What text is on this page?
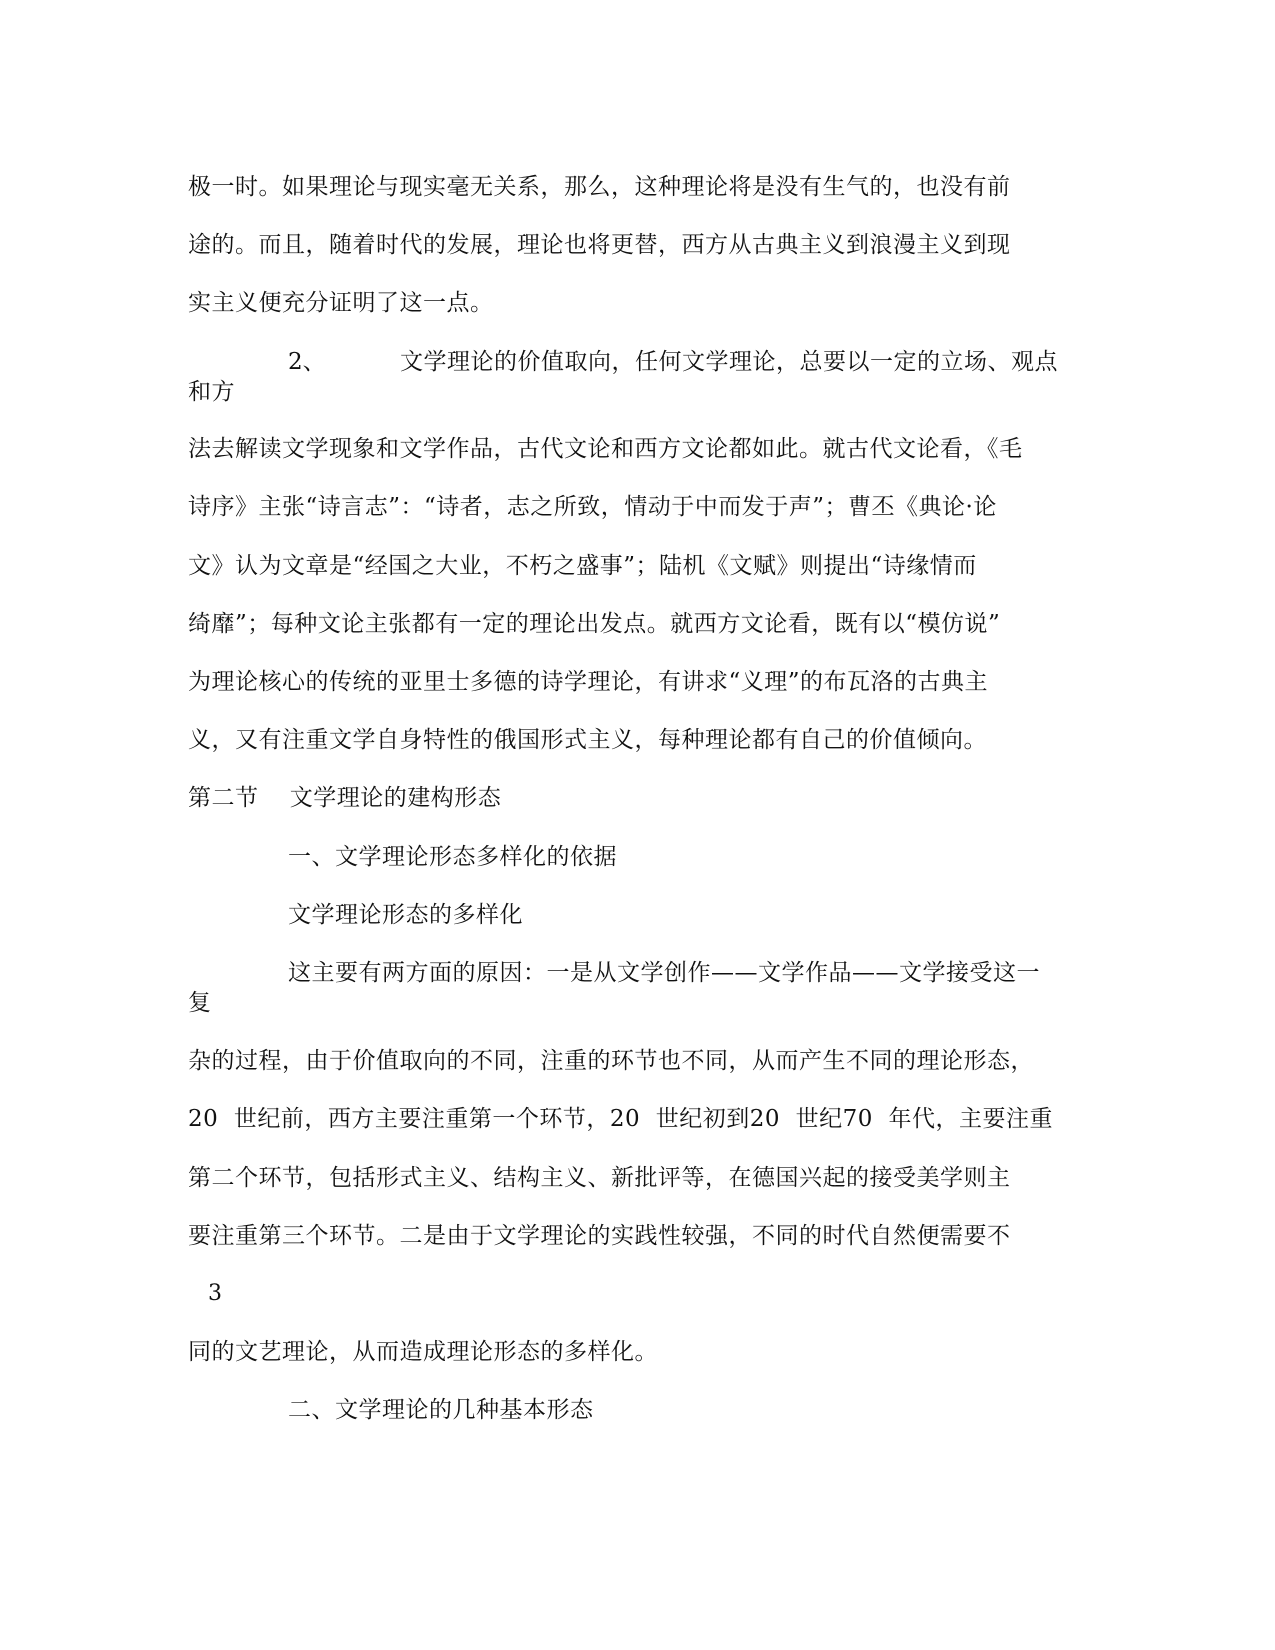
极一时。如果理论与现实毫无关系，那么，这种理论将是没有生气的，也没有前
途的。而且，随着时代的发展，理论也将更替，西方从古典主义到浪漫主义到现
实主义便充分证明了这一点。
2、	文学理论的价值取向，任何文学理论，总要以一定的立场、观点
和方
法去解读文学现象和文学作品，古代文论和西方文论都如此。就古代文论看，《毛
诗序》主张“诗言志”：“诗者，志之所致，情动于中而发于声”；曹丕《典论·论
文》认为文章是“经国之大业，不朽之盛事”；陆机《文赋》则提出“诗缘情而
绮靡”；每种文论主张都有一定的理论出发点。就西方文论看，既有以“模仿说”
为理论核心的传统的亚里士多德的诗学理论，有讲求“义理”的布瓦洛的古典主
义，又有注重文学自身特性的俄国形式主义，每种理论都有自己的价值倾向。
第二节    文学理论的建构形态
一、文学理论形态多样化的依据
文学理论形态的多样化
这主要有两方面的原因：一是从文学创作——文学作品——文学接受这一
复
杂的过程，由于价值取向的不同，注重的环节也不同，从而产生不同的理论形态，
20  世纪前，西方主要注重第一个环节，20  世纪初到20  世纪70  年代，主要注重
第二个环节，包括形式主义、结构主义、新批评等，在德国兴起的接受美学则主
要注重第三个环节。二是由于文学理论的实践性较强，不同的时代自然便需要不
3
同的文艺理论，从而造成理论形态的多样化。
二、文学理论的几种基本形态
